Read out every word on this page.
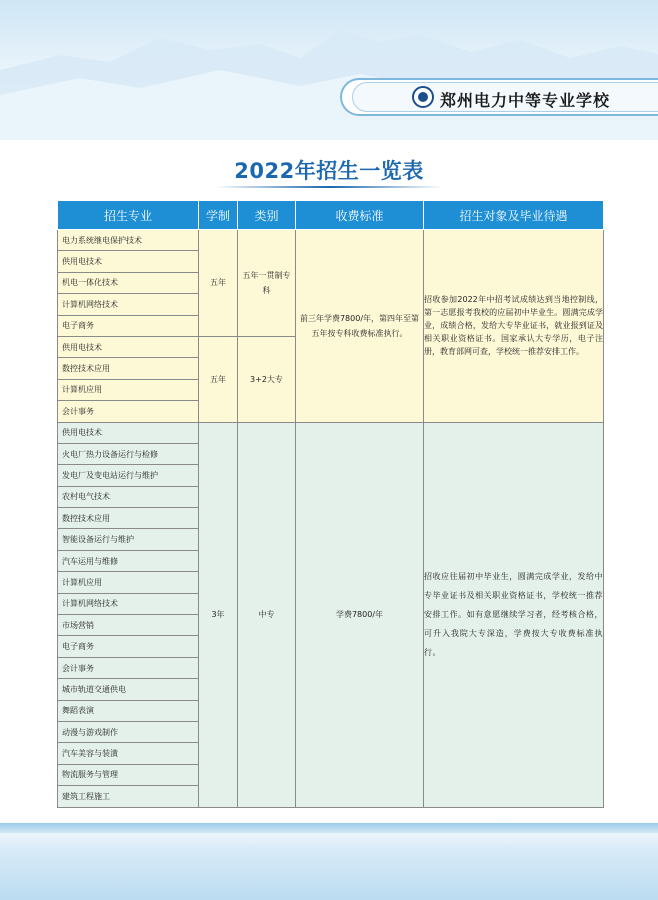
郑州电力中等专业学校
2022年招生一览表
招生专业	学制	类别	收费标准	招生对象及毕业待遇
电力系统继电保护技术	五年	五年一贯制专科	前三年学费7800/年，第四年至第五年按专科收费标准执行。	招收参加2022年中招考试成绩达到当地控制线，第一志愿报考我校的应届初中毕业生。圆满完成学业，成绩合格，发给大专毕业证书，就业报到证及相关职业资格证书。国家承认大专学历，电子注册，教育部网可查，学校统一推荐安排工作。
供用电技术				
机电一体化技术				
计算机网络技术				
电子商务				
供用电技术	五年	3+2大专		
数控技术应用				
计算机应用				
会计事务				
供用电技术	3年	中专	学费7800/年	招收应往届初中毕业生，圆满完成学业，发给中专毕业证书及相关职业资格证书，学校统一推荐安排工作。如有意愿继续学习者，经考核合格，可升入我院大专深造，学费按大专收费标准执行。
火电厂热力设备运行与检修				
发电厂及变电站运行与维护				
农村电气技术				
数控技术应用				
智能设备运行与维护				
汽车运用与维修				
计算机应用				
计算机网络技术				
市场营销				
电子商务				
会计事务				
城市轨道交通供电				
舞蹈表演				
动漫与游戏制作				
汽车美容与装潢				
物流服务与管理				
建筑工程施工				
